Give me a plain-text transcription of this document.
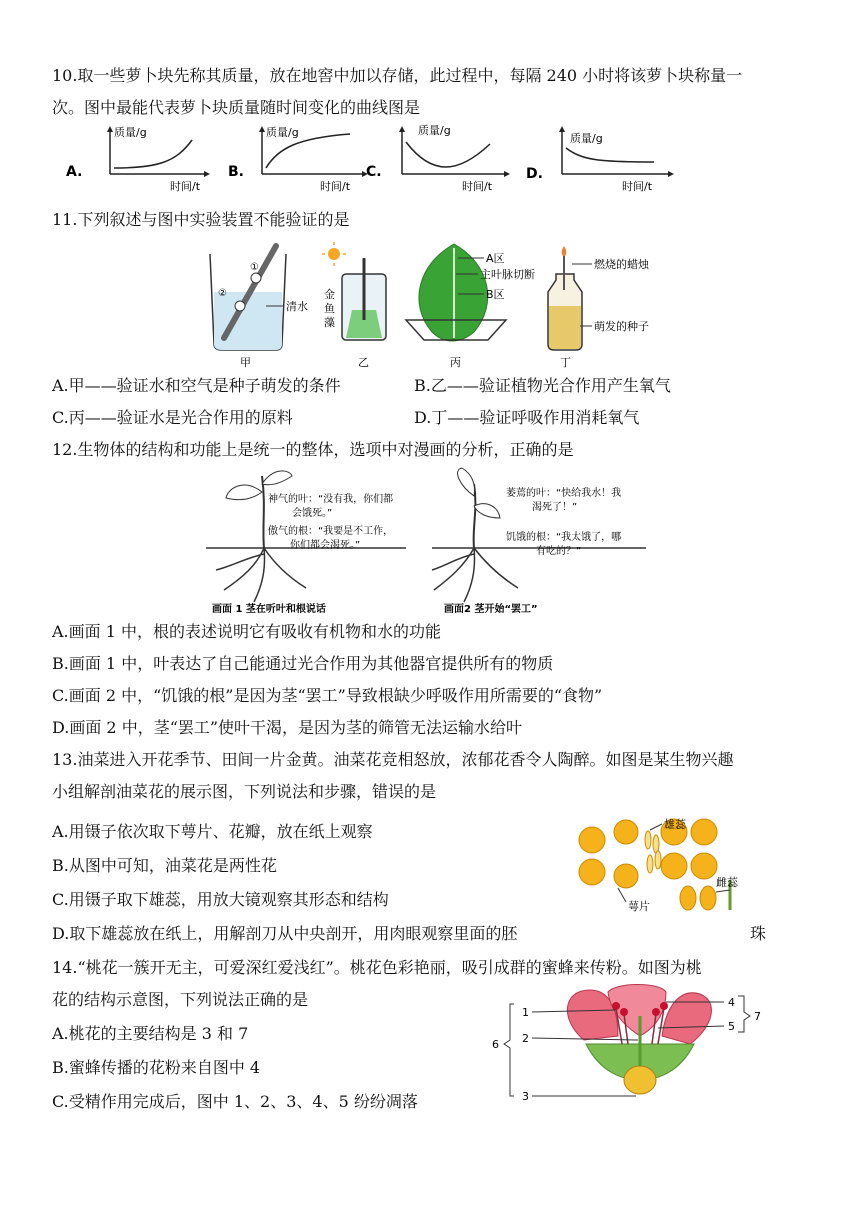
10.取一些萝卜块先称其质量，放在地窖中加以存储，此过程中，每隔 240 小时将该萝卜块称量一
次。图中最能代表萝卜块质量随时间变化的曲线图是
A.
质量/g
时间/t
B.
质量/g
时间/t
C.
质量/g
时间/t
D.
质量/g
时间/t
11.下列叙述与图中实验装置不能验证的是
①
②
清水
甲
金
鱼
藻
乙
A区
主叶脉切断
B区
丙
燃烧的蜡烛
萌发的种子
丁
A.甲——验证水和空气是种子萌发的条件	B.乙——验证植物光合作用产生氧气
C.丙——验证水是光合作用的原料	D.丁——验证呼吸作用消耗氧气
12.生物体的结构和功能上是统一的整体，选项中对漫画的分析，正确的是
神气的叶：“没有我，你们都
会饿死。”
傲气的根：“我要是不工作，
你们都会渴死。”
画面 1 茎在听叶和根说话
萎蔫的叶：“快给我水！我
渴死了！”
饥饿的根：“我太饿了，哪
有吃的？”
画面2 茎开始“罢工”
A.画面 1 中，根的表述说明它有吸收有机物和水的功能
B.画面 1 中，叶表达了自己能通过光合作用为其他器官提供所有的物质
C.画面 2 中，“饥饿的根”是因为茎“罢工”导致根缺少呼吸作用所需要的“食物”
D.画面 2 中，茎“罢工”使叶干渴，是因为茎的筛管无法运输水给叶
13.油菜进入开花季节、田间一片金黄。油菜花竞相怒放，浓郁花香令人陶醉。如图是某生物兴趣
小组解剖油菜花的展示图，下列说法和步骤，错误的是
A.用镊子依次取下萼片、花瓣，放在纸上观察
B.从图中可知，油菜花是两性花
C.用镊子取下雄蕊，用放大镜观察其形态和结构
D.取下雄蕊放在纸上，用解剖刀从中央剖开，用肉眼观察里面的胚	珠
雄蕊
萼片
雌蕊
14.“桃花一簇开无主，可爱深红爱浅红”。桃花色彩艳丽，吸引成群的蜜蜂来传粉。如图为桃
花的结构示意图，下列说法正确的是
A.桃花的主要结构是 3 和 7
B.蜜蜂传播的花粉来自图中 4
C.受精作用完成后，图中 1、2、3、4、5 纷纷凋落
1
2
3
4
5
6
7
